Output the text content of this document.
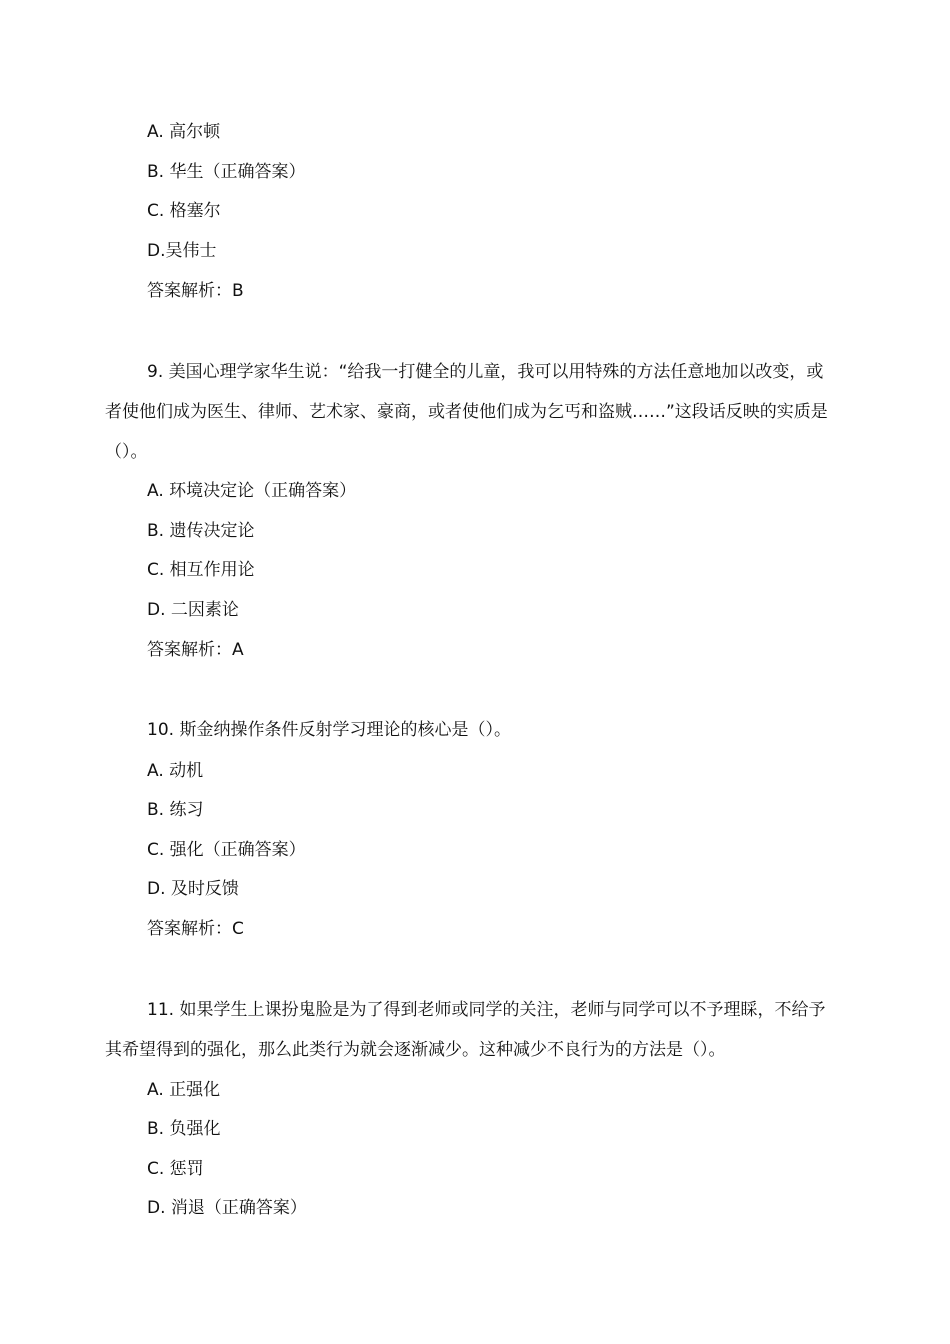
A. 高尔顿
B. 华生（正确答案）
C. 格塞尔
D.吴伟士
答案解析：B
9. 美国心理学家华生说：“给我一打健全的儿童，我可以用特殊的方法任意地加以改变，或者使他们成为医生、律师、艺术家、豪商，或者使他们成为乞丐和盗贼……”这段话反映的实质是（）。
A. 环境决定论（正确答案）
B. 遗传决定论
C. 相互作用论
D. 二因素论
答案解析：A
10. 斯金纳操作条件反射学习理论的核心是（）。
A. 动机
B. 练习
C. 强化（正确答案）
D. 及时反馈
答案解析：C
11. 如果学生上课扮鬼脸是为了得到老师或同学的关注，老师与同学可以不予理睬，不给予其希望得到的强化，那么此类行为就会逐渐减少。这种减少不良行为的方法是（）。
A. 正强化
B. 负强化
C. 惩罚
D. 消退（正确答案）
